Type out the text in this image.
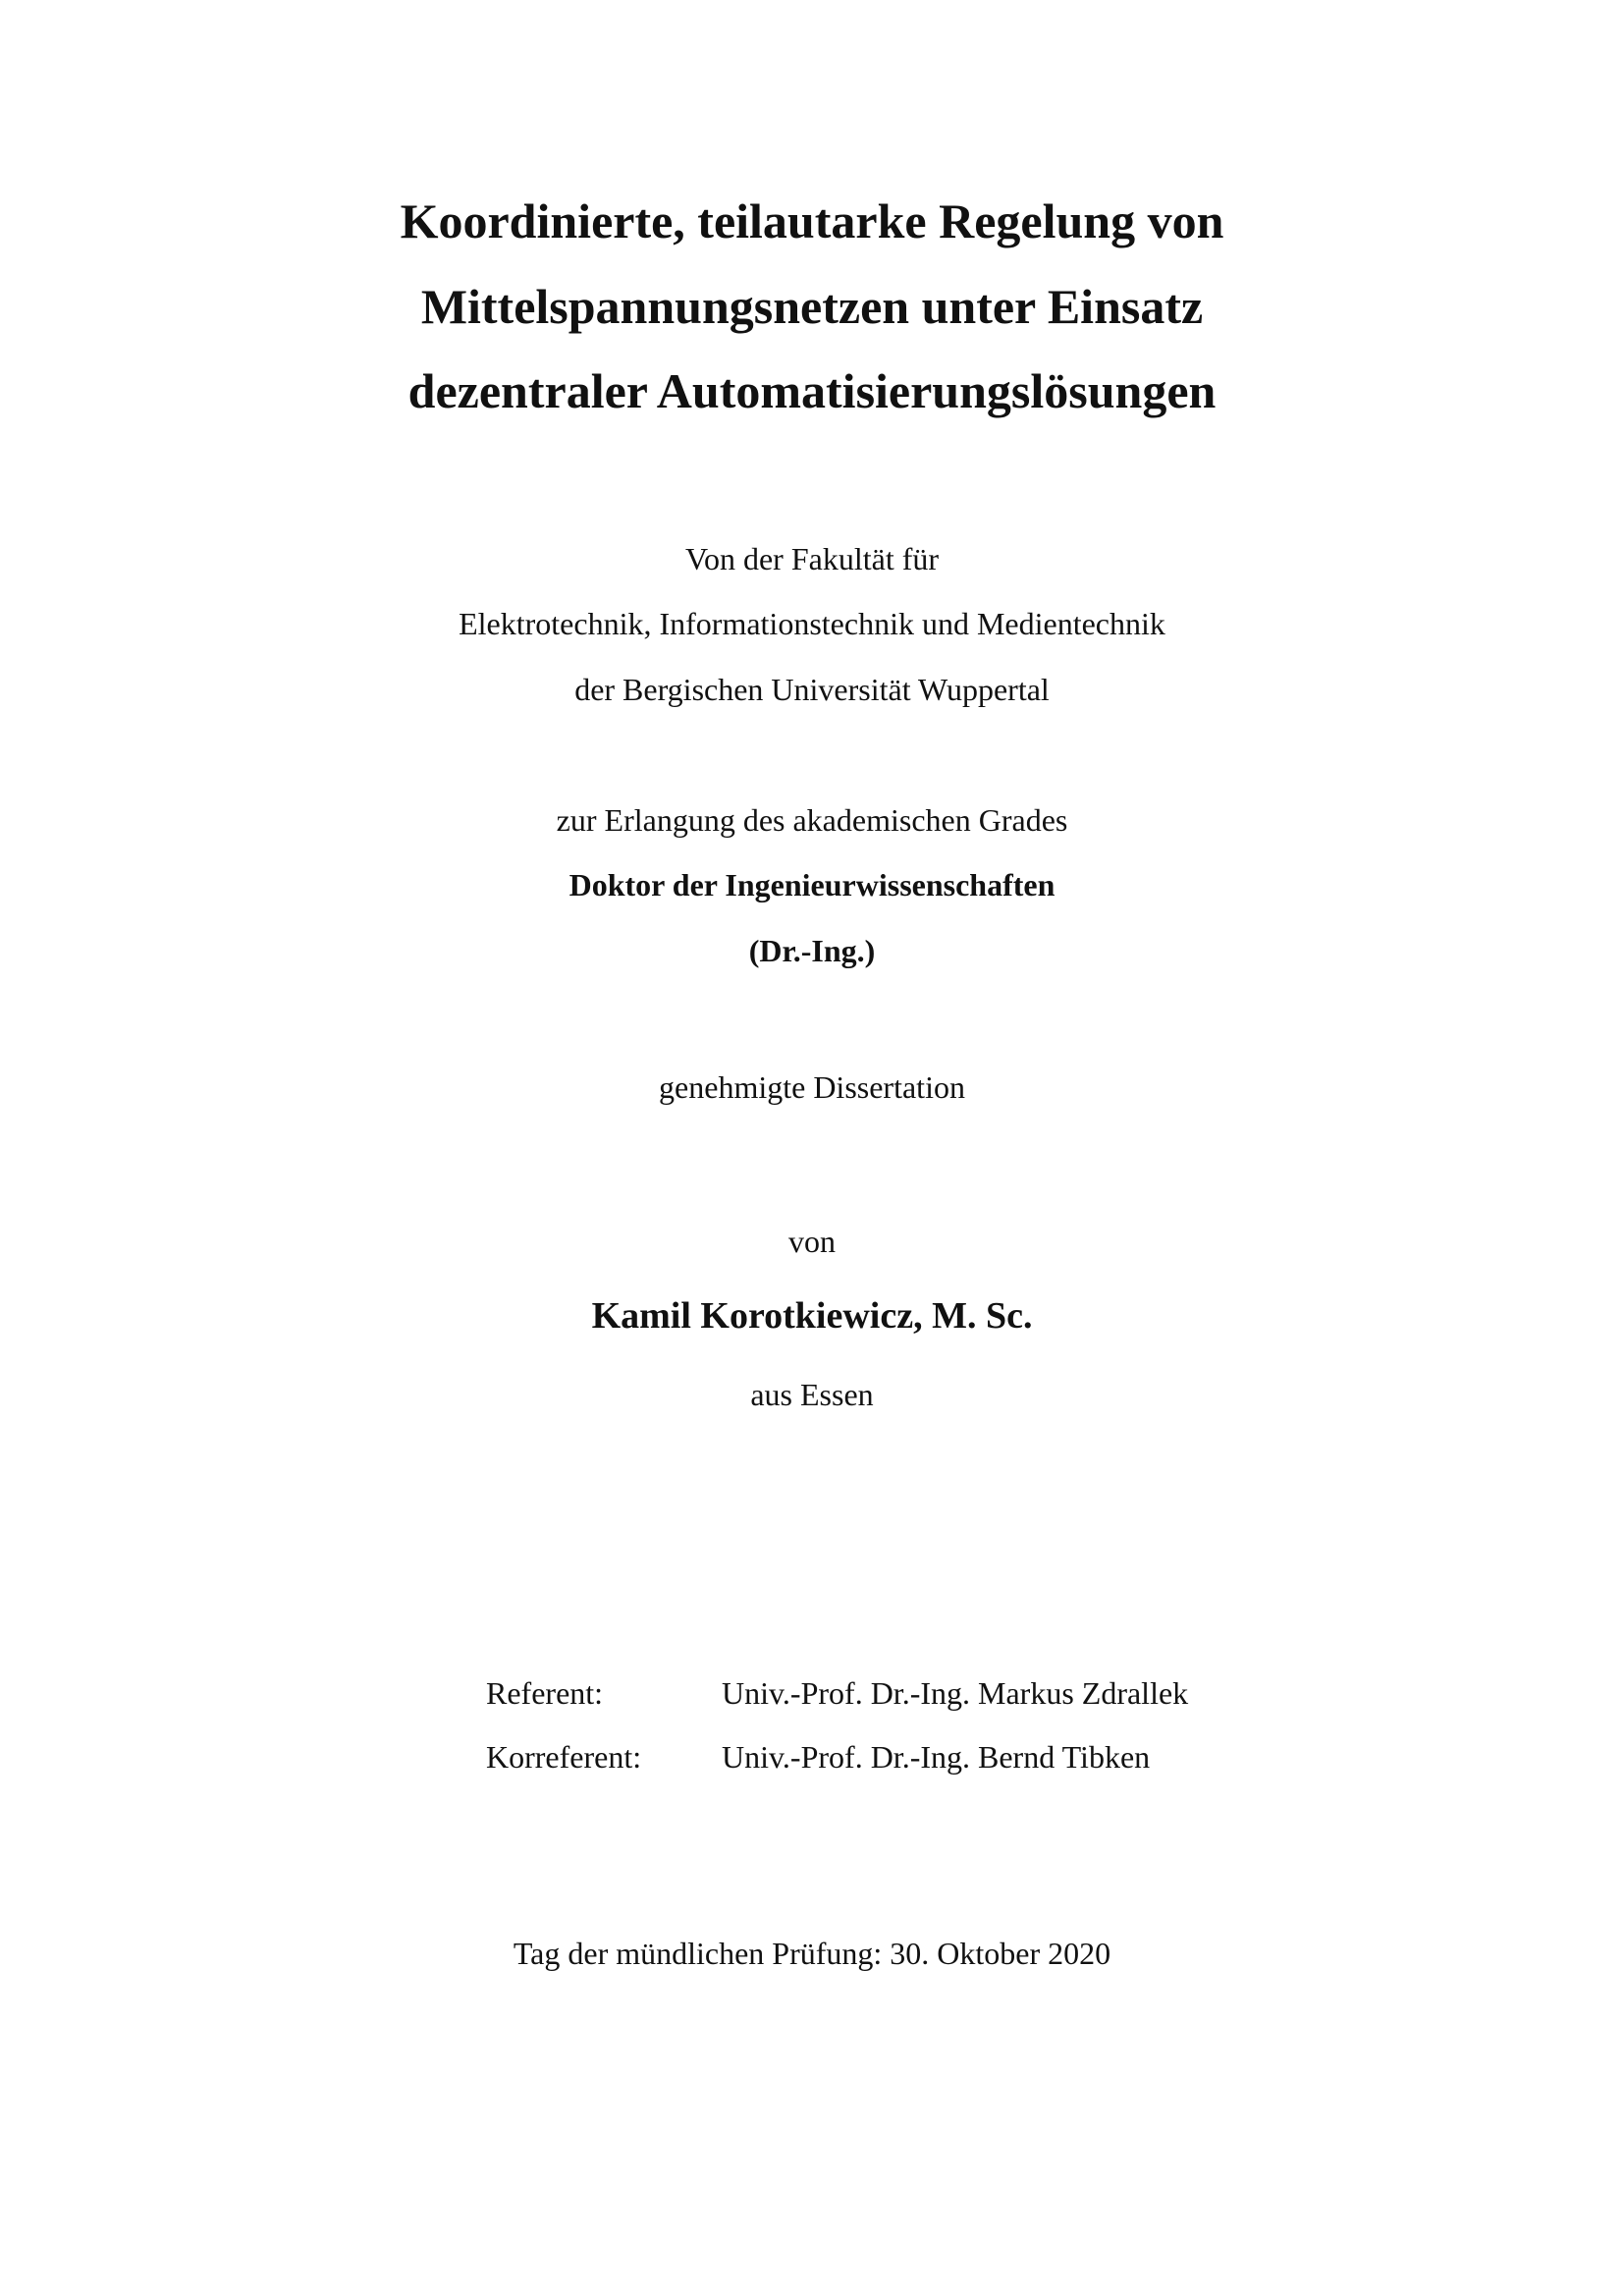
Koordinierte, teilautarke Regelung von
Mittelspannungsnetzen unter Einsatz
dezentraler Automatisierungslösungen
Von der Fakultät für
Elektrotechnik, Informationstechnik und Medientechnik
der Bergischen Universität Wuppertal
zur Erlangung des akademischen Grades
Doktor der Ingenieurwissenschaften
(Dr.-Ing.)
genehmigte Dissertation
von
Kamil Korotkiewicz, M. Sc.
aus Essen
Referent:	Univ.-Prof. Dr.-Ing. Markus Zdrallek
Korreferent:	Univ.-Prof. Dr.-Ing. Bernd Tibken
Tag der mündlichen Prüfung: 30. Oktober 2020
